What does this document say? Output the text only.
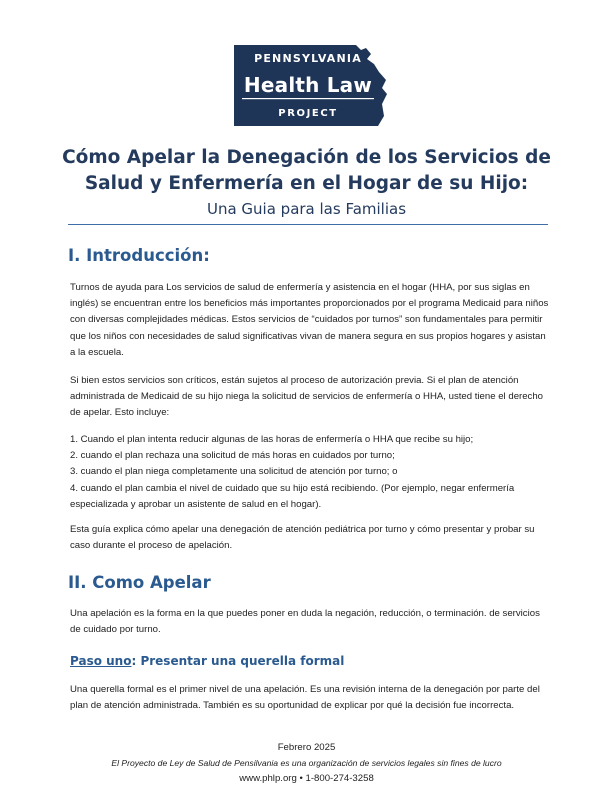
PENNSYLVANIA
Health Law
PROJECT
Cómo Apelar la Denegación de los Servicios de Salud y Enfermería en el Hogar de su Hijo:
Una Guia para las Familias
I. Introducción:

Turnos de ayuda para Los servicios de salud de enfermería y asistencia en el hogar (HHA, por sus siglas en inglés) se encuentran entre los beneficios más importantes proporcionados por el programa Medicaid para niños con diversas complejidades médicas. Estos servicios de “cuidados por turnos” son fundamentales para permitir que los niños con necesidades de salud significativas vivan de manera segura en sus propios hogares y asistan a la escuela.

Si bien estos servicios son críticos, están sujetos al proceso de autorización previa. Si el plan de atención administrada de Medicaid de su hijo niega la solicitud de servicios de enfermería o HHA, usted tiene el derecho de apelar. Esto incluye:

1. Cuando el plan intenta reducir algunas de las horas de enfermería o HHA que recibe su hijo;
2. cuando el plan rechaza una solicitud de más horas en cuidados por turno;
3. cuando el plan niega completamente una solicitud de atención por turno; o
4. cuando el plan cambia el nivel de cuidado que su hijo está recibiendo. (Por ejemplo, negar enfermería especializada y aprobar un asistente de salud en el hogar).

Esta guía explica cómo apelar una denegación de atención pediátrica por turno y cómo presentar y probar su caso durante el proceso de apelación.

II. Como Apelar

Una apelación es la forma en la que puedes poner en duda la negación, reducción, o terminación. de servicios de cuidado por turno.

Paso uno: Presentar una querella formal

Una querella formal es el primer nivel de una apelación. Es una revisión interna de la denegación por parte del plan de atención administrada. También es su oportunidad de explicar por qué la decisión fue incorrecta.

Febrero 2025

El Proyecto de Ley de Salud de Pensilvania es una organización de servicios legales sin fines de lucro

www.phlp.org • 1-800-274-3258
